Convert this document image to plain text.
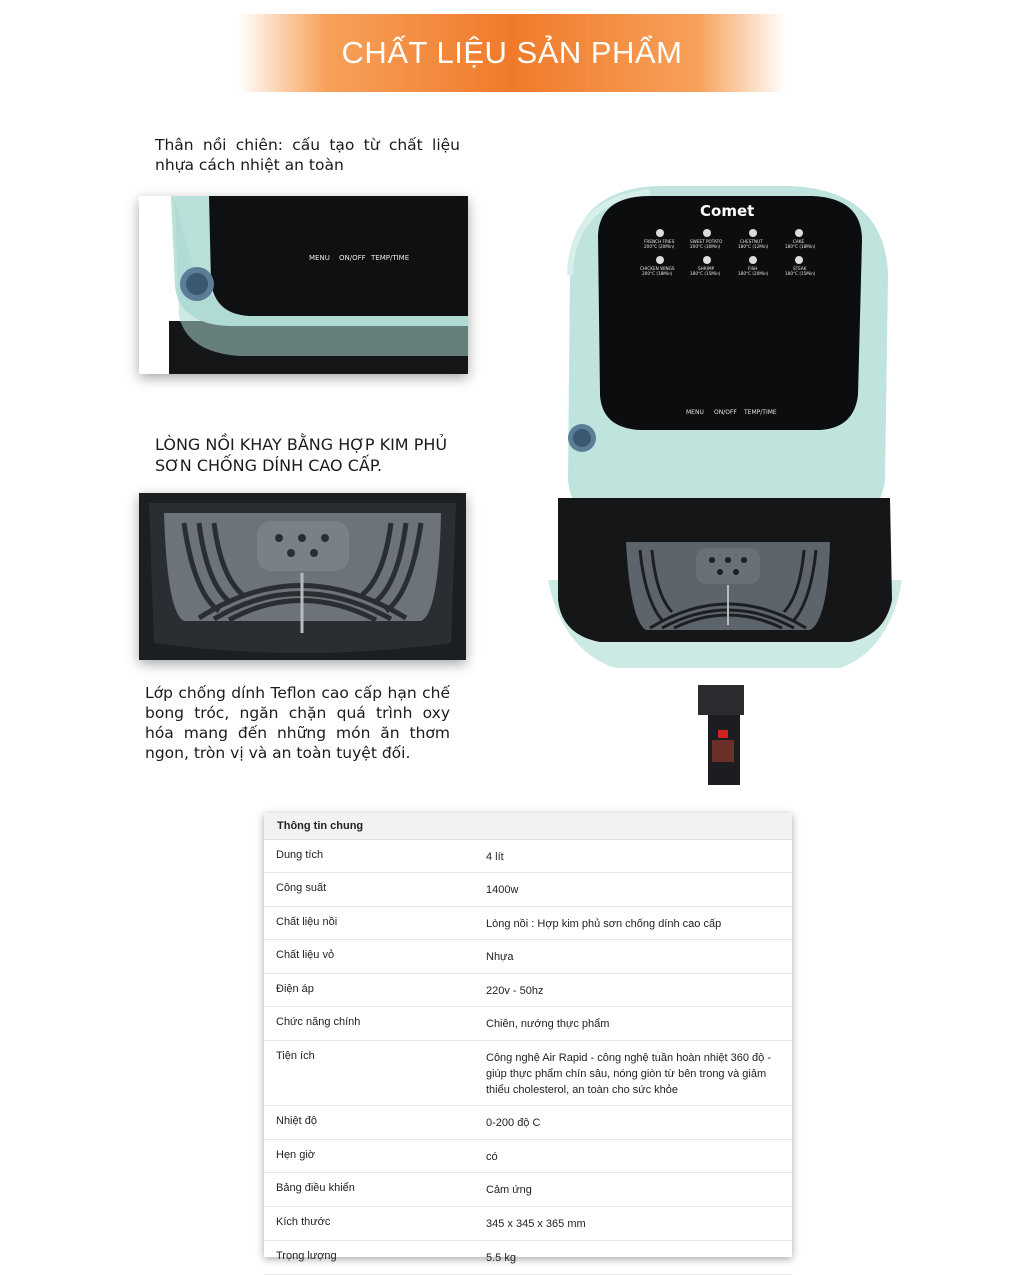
CHẤT LIỆU SẢN PHẨM
Thân nồi chiên: cấu tạo từ chất liệu nhựa cách nhiệt an toàn
MENU ON/OFF TEMP/TIME
LÒNG NỒI KHAY BẰNG HỢP KIM PHỦ SƠN CHỐNG DÍNH CAO CẤP.
Lớp chống dính Teflon cao cấp hạn chế bong tróc, ngăn chặn quá trình oxy hóa mang đến những món ăn thơm ngon, tròn vị và an toàn tuyệt đối.
Comet
FRENCH FRIES
200°C (20Min)
SWEET POTATO
200°C (30Min)
CHESTNUT
180°C (12Min)
CAKE
180°C (18Min)
CHICKEN WINGS
200°C (18Min)
SHRIMP
180°C (15Min)
FISH
180°C (20Min)
STEAK
180°C (15Min)
MENU ON/OFF TEMP/TIME
Thông tin chung
Dung tích	4 lít
Công suất	1400w
Chất liệu nồi	Lòng nồi : Hợp kim phủ sơn chống dính cao cấp
Chất liệu vỏ	Nhựa
Điện áp	220v - 50hz
Chức năng chính	Chiên, nướng thực phẩm
Tiện ích	Công nghệ Air Rapid - công nghệ tuần hoàn nhiệt 360 độ - giúp thực phẩm chín sâu, nóng giòn từ bên trong và giảm thiểu cholesterol, an toàn cho sức khỏe
Nhiệt độ	0-200 độ C
Hẹn giờ	có
Bảng điều khiển	Cảm ứng
Kích thước	345 x 345 x 365 mm
Trọng lượng	5.5 kg
